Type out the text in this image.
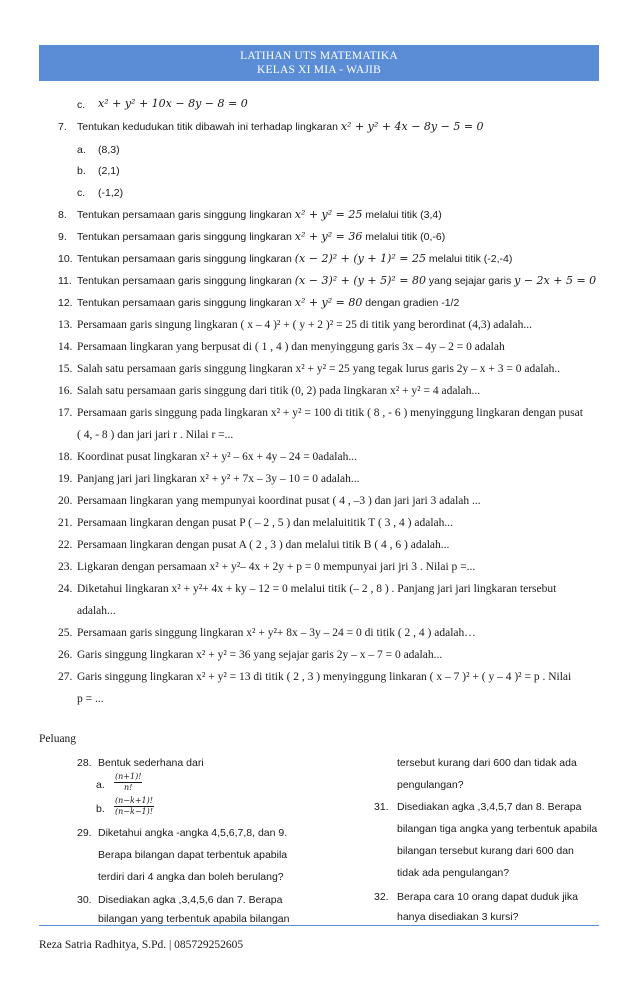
LATIHAN UTS MATEMATIKA
KELAS XI MIA - WAJIB
c. x² + y² + 10x − 8y − 8 = 0
7. Tentukan kedudukan titik dibawah ini terhadap lingkaran x² + y² + 4x − 8y − 5 = 0
a. (8,3)
b. (2,1)
c. (-1,2)
8. Tentukan persamaan garis singgung lingkaran x² + y² = 25 melalui titik (3,4)
9. Tentukan persamaan garis singgung lingkaran x² + y² = 36 melalui titik (0,-6)
10. Tentukan persamaan garis singgung lingkaran (x − 2)² + (y + 1)² = 25 melalui titik (-2,-4)
11. Tentukan persamaan garis singgung lingkaran (x − 3)² + (y + 5)² = 80 yang sejajar garis y − 2x + 5 = 0
12. Tentukan persamaan garis singgung lingkaran x² + y² = 80 dengan gradien -1/2
13. Persamaan garis singung lingkaran ( x – 4 )² + ( y + 2 )² = 25 di titik yang berordinat (4,3) adalah...
14. Persamaan lingkaran yang berpusat di ( 1 , 4 ) dan menyinggung garis 3x – 4y – 2 = 0 adalah
15. Salah satu persamaan garis singgung lingkaran x² + y² = 25 yang tegak lurus garis 2y – x + 3 = 0 adalah..
16. Salah satu persamaan garis singgung dari titik (0, 2) pada lingkaran x² + y² = 4 adalah...
17. Persamaan garis singgung pada lingkaran x² + y² = 100 di titik ( 8 , - 6 ) menyinggung lingkaran dengan pusat
( 4, - 8 ) dan jari jari r . Nilai r =...
18. Koordinat pusat lingkaran x² + y² – 6x + 4y – 24 = 0adalah...
19. Panjang jari jari lingkaran x² + y² + 7x – 3y – 10 = 0 adalah...
20. Persamaan lingkaran yang mempunyai koordinat pusat ( 4 , –3 ) dan jari jari 3 adalah ...
21. Persamaan lingkaran dengan pusat P ( – 2 , 5 ) dan melaluititik T ( 3 , 4 ) adalah...
22. Persamaan lingkaran dengan pusat A ( 2 , 3 ) dan melalui titik B ( 4 , 6 ) adalah...
23. Ligkaran dengan persamaan x² + y²– 4x + 2y + p = 0 mempunyai jari jri 3 . Nilai p =...
24. Diketahui lingkaran x² + y²+ 4x + ky – 12 = 0 melalui titik (– 2 , 8 ) . Panjang jari jari lingkaran tersebut
adalah...
25. Persamaan garis singgung lingkaran x² + y²+ 8x – 3y – 24 = 0 di titik ( 2 , 4 ) adalah…
26. Garis singgung lingkaran x² + y² = 36 yang sejajar garis 2y – x – 7 = 0 adalah...
27. Garis singgung lingkaran x² + y² = 13 di titik ( 2 , 3 ) menyinggung linkaran ( x – 7 )² + ( y – 4 )² = p . Nilai
p = ...
Peluang
28. Bentuk sederhana dari
a. $\frac{(n+1)!}{n!}$
b. $\frac{(n-k+1)!}{(n-k-1)!}$
29. Diketahui angka -angka 4,5,6,7,8, dan 9.
Berapa bilangan dapat terbentuk apabila
terdiri dari 4 angka dan boleh berulang?
30. Disediakan agka ,3,4,5,6 dan 7. Berapa
bilangan yang terbentuk apabila bilangan
tersebut kurang dari 600 dan tidak ada
pengulangan?
31. Disediakan agka ,3,4,5,7 dan 8. Berapa
bilangan tiga angka yang terbentuk apabila
bilangan tersebut kurang dari 600 dan
tidak ada pengulangan?
32. Berapa cara 10 orang dapat duduk jika
hanya disediakan 3 kursi?
Reza Satria Radhitya, S.Pd. | 085729252605
